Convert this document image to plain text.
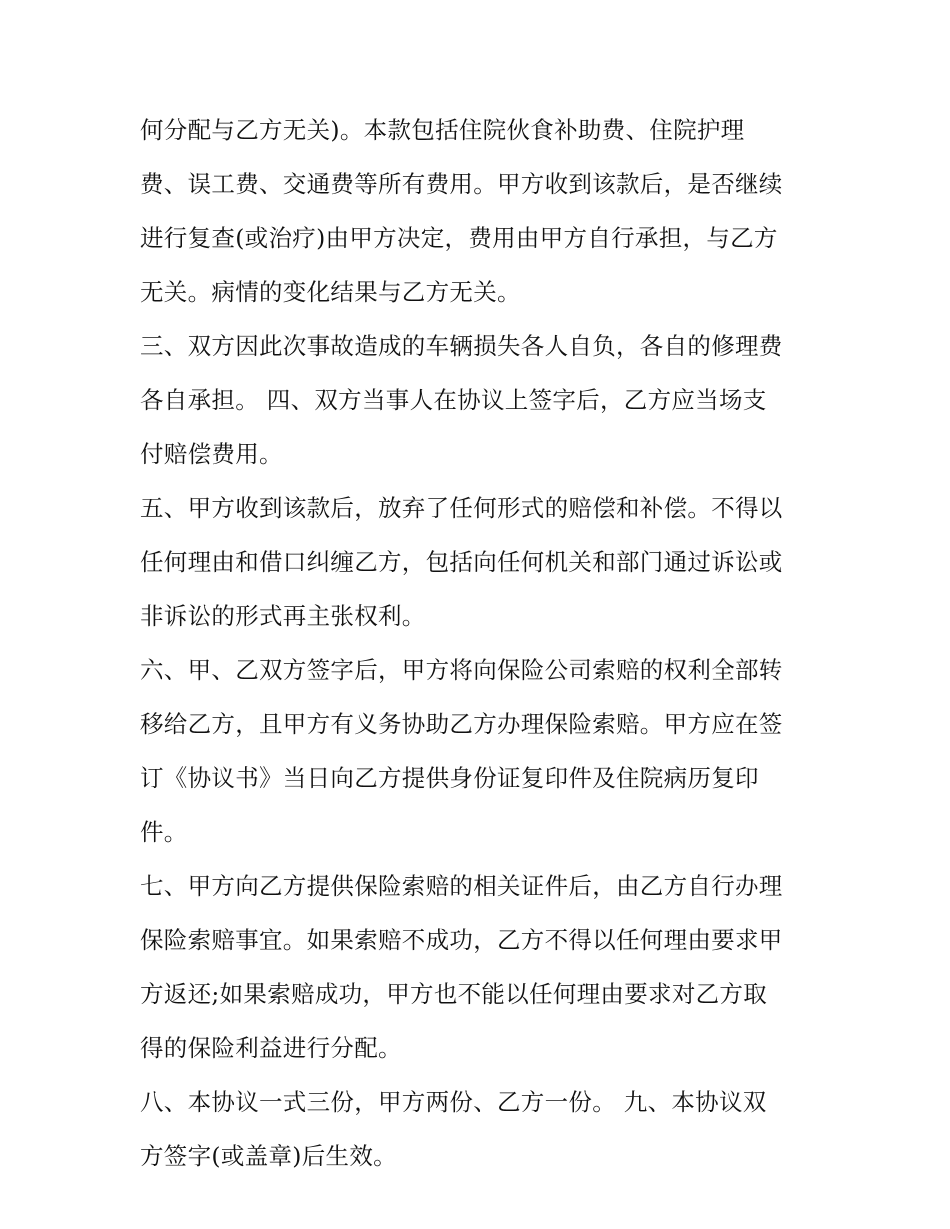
何分配与乙方无关)。本款包括住院伙食补助费、住院护理
费、误工费、交通费等所有费用。甲方收到该款后，是否继续
进行复查(或治疗)由甲方决定，费用由甲方自行承担，与乙方
无关。病情的变化结果与乙方无关。
三、双方因此次事故造成的车辆损失各人自负，各自的修理费
各自承担。 四、双方当事人在协议上签字后，乙方应当场支
付赔偿费用。
五、甲方收到该款后，放弃了任何形式的赔偿和补偿。不得以
任何理由和借口纠缠乙方，包括向任何机关和部门通过诉讼或
非诉讼的形式再主张权利。
六、甲、乙双方签字后，甲方将向保险公司索赔的权利全部转
移给乙方，且甲方有义务协助乙方办理保险索赔。甲方应在签
订《协议书》当日向乙方提供身份证复印件及住院病历复印
件。
七、甲方向乙方提供保险索赔的相关证件后，由乙方自行办理
保险索赔事宜。如果索赔不成功，乙方不得以任何理由要求甲
方返还;如果索赔成功，甲方也不能以任何理由要求对乙方取
得的保险利益进行分配。
八、本协议一式三份，甲方两份、乙方一份。 九、本协议双
方签字(或盖章)后生效。
